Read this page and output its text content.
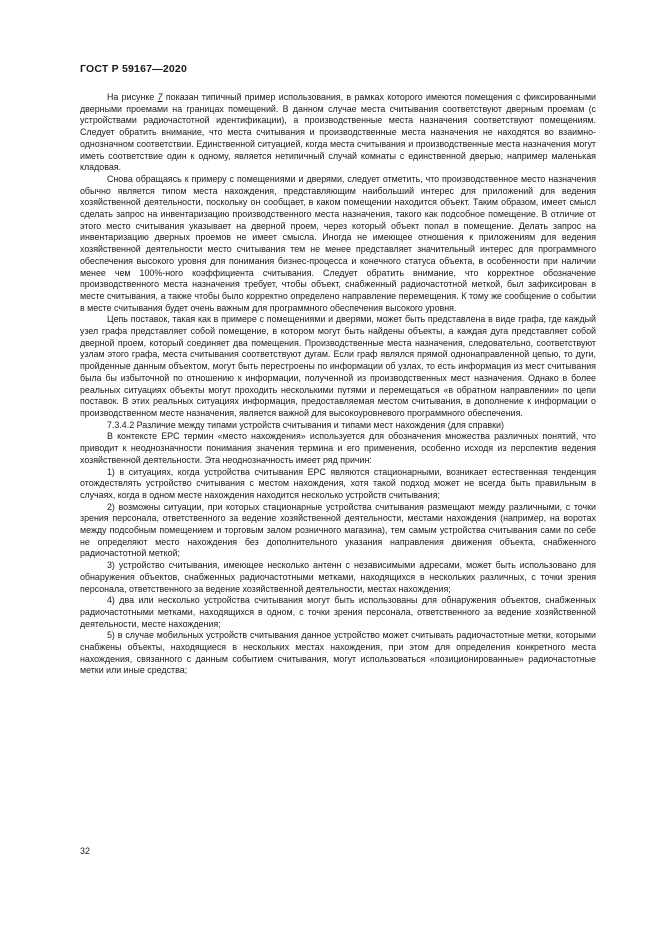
ГОСТ Р 59167—2020

На рисунке 7 показан типичный пример использования, в рамках которого имеются помещения с фиксированными дверными проемами на границах помещений. В данном случае места считывания соответствуют дверным проемам (с устройствами радиочастотной идентификации), а производственные места назначения соответствуют помещениям. Следует обратить внимание, что места считывания и производственные места назначения не находятся во взаимно-однозначном соответствии. Единственной ситуацией, когда места считывания и производственные места назначения могут иметь соответствие один к одному, является нетипичный случай комнаты с единственной дверью, например маленькая кладовая.

Снова обращаясь к примеру с помещениями и дверями, следует отметить, что производственное место назначения обычно является типом места нахождения, представляющим наибольший интерес для приложений для ведения хозяйственной деятельности, поскольку он сообщает, в каком помещении находится объект. Таким образом, имеет смысл сделать запрос на инвентаризацию производственного места назначения, такого как подсобное помещение. В отличие от этого место считывания указывает на дверной проем, через который объект попал в помещение. Делать запрос на инвентаризацию дверных проемов не имеет смысла. Иногда не имеющее отношения к приложениям для ведения хозяйственной деятельности место считывания тем не менее представляет значительный интерес для программного обеспечения высокого уровня для понимания бизнес-процесса и конечного статуса объекта, в особенности при наличии менее чем 100%-ного коэффициента считывания. Следует обратить внимание, что корректное обозначение производственного места назначения требует, чтобы объект, снабженный радиочастотной меткой, был зафиксирован в месте считывания, а также чтобы было корректно определено направление перемещения. К тому же сообщение о событии в месте считывания будет очень важным для программного обеспечения высокого уровня.

Цепь поставок, такая как в примере с помещениями и дверями, может быть представлена в виде графа, где каждый узел графа представляет собой помещение, в котором могут быть найдены объекты, а каждая дуга представляет собой дверной проем, который соединяет два помещения. Производственные места назначения, следовательно, соответствуют узлам этого графа, места считывания соответствуют дугам. Если граф являлся прямой однонаправленной цепью, то дуги, пройденные данным объектом, могут быть перестроены по информации об узлах, то есть информация из мест считывания была бы избыточной по отношению к информации, полученной из производственных мест назначения. Однако в более реальных ситуациях объекты могут проходить несколькими путями и перемещаться «в обратном направлении» по цепи поставок. В этих реальных ситуациях информация, предоставляемая местом считывания, в дополнение к информации о производственном месте назначения, является важной для высокоуровневого программного обеспечения.

7.3.4.2 Различие между типами устройств считывания и типами мест нахождения (для справки)

В контексте EPC термин «место нахождения» используется для обозначения множества различных понятий, что приводит к неоднозначности понимания значения термина и его применения, особенно исходя из перспектив ведения хозяйственной деятельности. Эта неоднозначность имеет ряд причин:

1) в ситуациях, когда устройства считывания EPC являются стационарными, возникает естественная тенденция отождествлять устройство считывания с местом нахождения, хотя такой подход может не всегда быть правильным в случаях, когда в одном месте нахождения находится несколько устройств считывания;

2) возможны ситуации, при которых стационарные устройства считывания размещают между различными, с точки зрения персонала, ответственного за ведение хозяйственной деятельности, местами нахождения (например, на воротах между подсобным помещением и торговым залом розничного магазина), тем самым устройства считывания сами по себе не определяют место нахождения без дополнительного указания направления движения объекта, снабженного радиочастотной меткой;

3) устройство считывания, имеющее несколько антенн с независимыми адресами, может быть использовано для обнаружения объектов, снабженных радиочастотными метками, находящихся в нескольких различных, с точки зрения персонала, ответственного за ведение хозяйственной деятельности, местах нахождения;

4) два или несколько устройства считывания могут быть использованы для обнаружения объектов, снабженных радиочастотными метками, находящихся в одном, с точки зрения персонала, ответственного за ведение хозяйственной деятельности, месте нахождения;

5) в случае мобильных устройств считывания данное устройство может считывать радиочастотные метки, которыми снабжены объекты, находящиеся в нескольких местах нахождения, при этом для определения конкретного места нахождения, связанного с данным событием считывания, могут использоваться «позиционированные» радиочастотные метки или иные средства;

32
